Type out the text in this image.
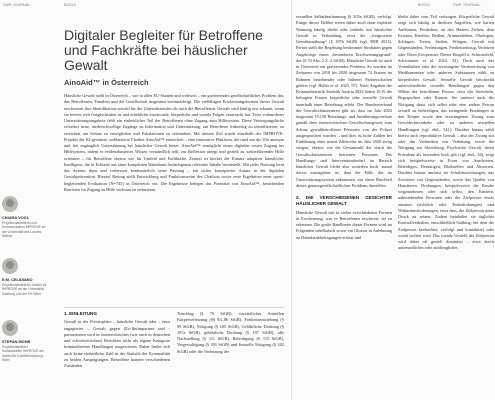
ZWR JOURNAL	8/2024	8/2024	ZWR JOURNAL
Digitaler Begleiter für Betroffene und Fachkräfte bei häuslicher Gewalt
AinoAid™ in Österreich

Häusliche Gewalt stellt in Österreich – wie in allen EU-Staaten und weltweit – ein gravierendes gesellschaftliches Problem dar, das Betroffenen, Familien und die Gesellschaft insgesamt beeinträchtigt. Die vielfältigen Erscheinungsformen dieser Gewalt erschweren ihre Identifikation sowohl für die Unterstützenden als auch die Betroffenen. Gewalt wird häufig erst erkannt, wenn sie bereits weit fortgeschritten ist und erhebliche emotionale, körperliche und soziale Folgen verursacht hat. Trotz vorhandener Unterstützungsangebote fehlt ein einheitlicher Teil der Betroffenen ohne Zugang zum Hilfesystem. Diese Versorgungslücke erfordert neue, niederschwellige Zugänge zu Information und Unterstützung, um Betroffene frühzeitig zu identifizieren, zu erreichen, am Schutz zu ermöglichen und Eskalationen zu verhindern. Mit diesem Ziel wurde innerhalb des IMPROVE-Projekts der KI-gestützte, webbasierte Chatbot AinoAid™ entwickelt – eine innovative Plattform, die rund um die Uhr anonym und frei zugänglich Unterstützung bei häuslicher Gewalt bietet. AinoAid™ ermöglicht einen digitalen ersten Zugang ins Hilfesystem, indem er evidenzbasiertes Wissen verständlich teilt, zur Reflexion anregt und gezielt zu weiterführender Hilfe orientiert – für Betroffene ebenso wie für Umfeld und Fachkräfte. Zentral ist hierbei der Einsatz adaptiver künstlicher Intelligenz, die in Echtzeit aus einer kompletten Datenbasis bedarfsgenau relevante Inhalte bereitstellt. Mit jeder Nutzung lernt das System dazu und verbessert kontinuierlich seine Passung – ein sicher konzipierter Ansatz in der digitalen Gewaltprävention. Hierauf Beitrag stellt Entwicklung und Funktionsweise des Chatbots sowie erste Ergebnisse einer quasi-begleitenden Evaluation (N=745) in Österreich vor. Die Ergebnisse belegen das Potenzial von AinoAid™, bestehenden Barrieren im Zugang zu Hilfe wirksam zu reduzieren.

1. EINLEITUNG

Gewalt in der Privatsphäre – häusliche Gewalt oder – etwa engagierter – Gewalt gegen (Ex-)Intimpartner und -partnerinnen wird in österreichischen (wie auch in deutschen und schweizerischen) Berichten nicht als eigene Kategorie kriminalisierter Handlungen ausgewiesen. Daher findet sich auch keine einheitliche Zahl in der Statistik der Kriminalität zu beiden Ausprägungen. Betroffene können verschiedenen Zuständen

Totschlag (§ 76 StGB), vorsätzliches Antreffen Körperverletzung (§§ 83–86 StGB), Freiheitsentziehung (§ 99 StGB), Nötigung (§ 105 StGB), Gefährliche Drohung (§ 107a StGB), gefährliche Drohung (§ 107 StGB), alle Nachstellung (§ 111 StGB), Beleidigung (§ 115 StGB), Vergewaltigung (§ 201 StGB) und Sexuelle Nötigung (§ 202 StGB) oder die Verletzung der

CHIARA VOGL
Projektmitarbeiterin und Kommunikation IMPROVE an der Universität des Landes Wiener
E.M. CELIDIANO
Projektmitarbeiterin Juristin für IMPROVE an der Universität Salzburg und der FH Wien
STEFAN MOHR
Projektmitarbeiter Sozialarbeiter IMPROVE am Institut für Konfliktforschung Wien

sexuellen Selbstbestimmung (§ 205a StGB), verfolgt. Einige dieser Delikte treten daher auch ohne explizite Nennung häufig direkt oder indirekt mit häuslicher Gewalt in Verbindung, etwa die „fortgesetzte Gewaltausübung“ (§ 107b StGB) (vgl. BMI 2023). Ferner stellt die Begehung bestimmter Straftaten gegen Angehörige einen „besonderen Erschwerungsgrund“ dar (§ 33 Abs. 2 Z. 2 StGB). Häusliche Gewalt ist auch in Österreich ein gravierendes Problem. So wurden im Zeitraum von 2018 bis 2020 insgesamt 74 Frauen im Rahmen bestehender oder früherer Partnerschaften getötet (vgl. Haller et al. 2023, 97). Nach Angaben der Kriminalstatistik Statistik Austria 2022 haben 16 % der befragten Frauen körperliche oder sexuelle Gewalt innerhalb einer Beziehung erlebt. Der Bundesverband der Gewaltschutzzentren gibt an, dass im Jahr 2023 insgesamt 19.158 Betretungs- und Annäherungsverbote gemäß dem österreichischen Gewaltschutzgesetz zum Schutz gewaltbetroffener Personen von der Polizei ausgesprochen wurden – und dies ist hohe Zahlen bei Einführung einer neuen Zählweise im Jahr 2020 stetig steigen, ebenso wie die Gesamtzahl der durch die Gewaltschutzzentren betreuten Personen. Der Handlungs- und Interventionsbedarf im Bereich häuslicher Gewalt bleibt also weiterhin hoch, zumal davon auszugehen ist, dass die Fälle, die im Unterstützungssystem ankommen, nur einen Bruchteil dieses gesamtgesellschaftlichen Problems darstellen.

2. DIE VERSCHIEDENEN GESICHTER HÄUSLICHER GEWALT

Häusliche Gewalt tritt in vielen verschiedenen Formen in Erscheinung, was es Betroffenen erschwert, sie zu erkennen. Die große Bandbreite dieser Formen wird im Folgenden tabellarisch sowie ein Glossar in Anlehnung an Datenbankbefragungen erfasst und

bleibt dabei vom Teil verborgen. Körperliche Gewalt zeigt sich häufig in direkten Angriffen, wie harten Aufbauten, Festhalten, an den Haaren Ziehen, dem Kratzen, Kneifen, Beißen, Armumdrehen, Ohrfeigen, Schlagen, Treten, Stoßen, Würgen, Gewalt mit Gegenständen, Verletzungen, Freiheitsentzug, Verletzen oder Töten (Gespenster, Dieser Eingriff u. Schwarzfeld, Schwimmer et al. 2024, 34). Doch auch das Vorenthalten oder die erzwungene Verabreichung von Medikamenten oder anderen Substanzen zählt zu körperlicher Gewalt. Sexuelle Gewalt beschreibt unterschiedliche sexuelle Handlungen gegen den Willen der betroffenen Person, etwa das Streicheln, Begrapschen oder Küssen. Sie umfasst auch die Nötigung dazu, sich selbst oder eine andere Person sexuell zu befriedigen, das zwingende Eindringen in den Körper sowie den erzwungenen Zwang zum Geschlechtsverkehr oder zu anderen sexuellen Handlungen (vgl. ebd., 34f.). Darüber hinaus zählt hierzu auch reproduktive Gewalt – also der Zwang zur oder das Verhindern von Verhütung, sowie die Nötigung zur Abtreibung. Psychische Gewalt, deren Prävalenz als besonders hoch gilt (vgl. ebd., 34), zeigt sich beispielsweise in Form von Anschreien, Beleidigen, Demütigen, Bloßstellen und Abwerten. Darüber hinaus umfasst sie Schuldzuweisungen, das Zerstören von Gegenständen, sowie das Quälen von Haustieren. Drohungen, beispielsweise die Kinder wegzunehmen oder sich selbst, den Kindern, nahestehenden Personen oder der Zielperson etwas anzutun (sichtlich oder Todesdrohungen) und Wahnsinnsforderungen, etwa dass, die Zielperson unter Druck zu setzen. Zudem beinhaltet sie täglicher Kontrollverhalten, einschließlich Stalking, bei dem die Zielperson beobachtet, verfolgt und kontaktiert oder sozial isoliert wird. Das soziale Umfeld der Zielperson wird dabei oft gezielt dominiert – etwa durch unfreundliches oder aufdringliches
